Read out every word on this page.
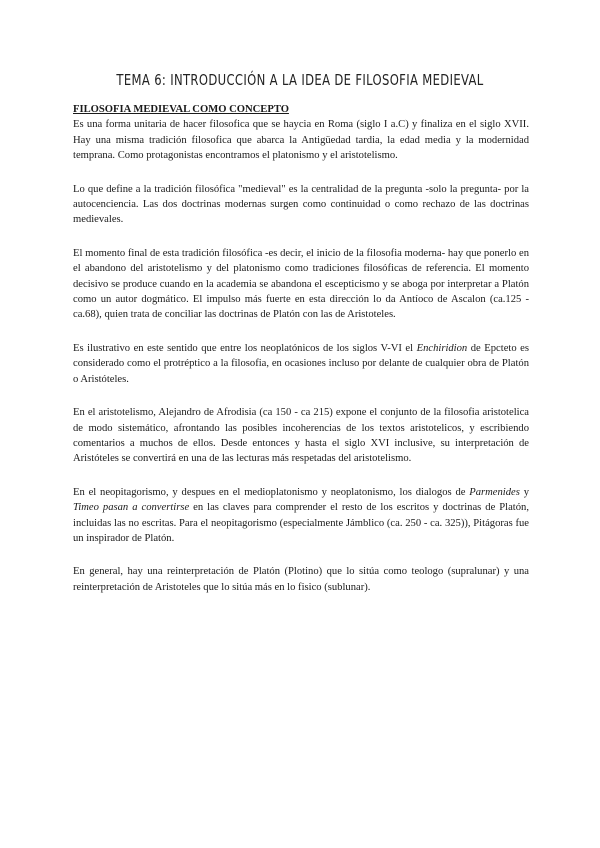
TEMA 6: INTRODUCCIÓN A LA IDEA DE FILOSOFIA MEDIEVAL

FILOSOFIA MEDIEVAL COMO CONCEPTO

Es una forma unitaria de hacer filosofica que se haycia en Roma (siglo I a.C) y finaliza en el siglo XVII. Hay una misma tradición filosofica que abarca la Antigüedad tardia, la edad media y la modernidad temprana. Como protagonistas encontramos el platonismo y el aristotelismo.

Lo que define a la tradición filosófica "medieval" es la centralidad de la pregunta -solo la pregunta- por la autocenciencia. Las dos doctrinas modernas surgen como continuidad o como rechazo de las doctrinas medievales.

El momento final de esta tradición filosófica -es decir, el inicio de la filosofia moderna- hay que ponerlo en el abandono del aristotelismo y del platonismo como tradiciones filosóficas de referencia. El momento decisivo se produce cuando en la academia se abandona el escepticismo y se aboga por interpretar a Platón como un autor dogmático. El impulso más fuerte en esta dirección lo da Antíoco de Ascalon (ca.125 - ca.68), quien trata de conciliar las doctrinas de Platón con las de Aristoteles.

Es ilustrativo en este sentido que entre los neoplatónicos de los siglos V-VI el Enchiridion de Epcteto es considerado como el protréptico a la filosofia, en ocasiones incluso por delante de cualquier obra de Platón o Aristóteles.

En el aristotelismo, Alejandro de Afrodisia (ca 150 - ca 215) expone el conjunto de la filosofia aristotelica de modo sistemático, afrontando las posibles incoherencias de los textos aristotelicos, y escribiendo comentarios a muchos de ellos. Desde entonces y hasta el siglo XVI inclusive, su interpretación de Aristóteles se convertirá en una de las lecturas más respetadas del aristotelismo.

En el neopitagorismo, y despues en el medioplatonismo y neoplatonismo, los dialogos de Parmenides y Timeo pasan a convertirse en las claves para comprender el resto de los escritos y doctrinas de Platón, incluidas las no escritas. Para el neopitagorismo (especialmente Jámblico (ca. 250 - ca. 325)), Pitágoras fue un inspirador de Platón.

En general, hay una reinterpretación de Platón (Plotino) que lo sitúa como teologo (supralunar) y una reinterpretación de Aristoteles que lo sitúa más en lo fisico (sublunar).
